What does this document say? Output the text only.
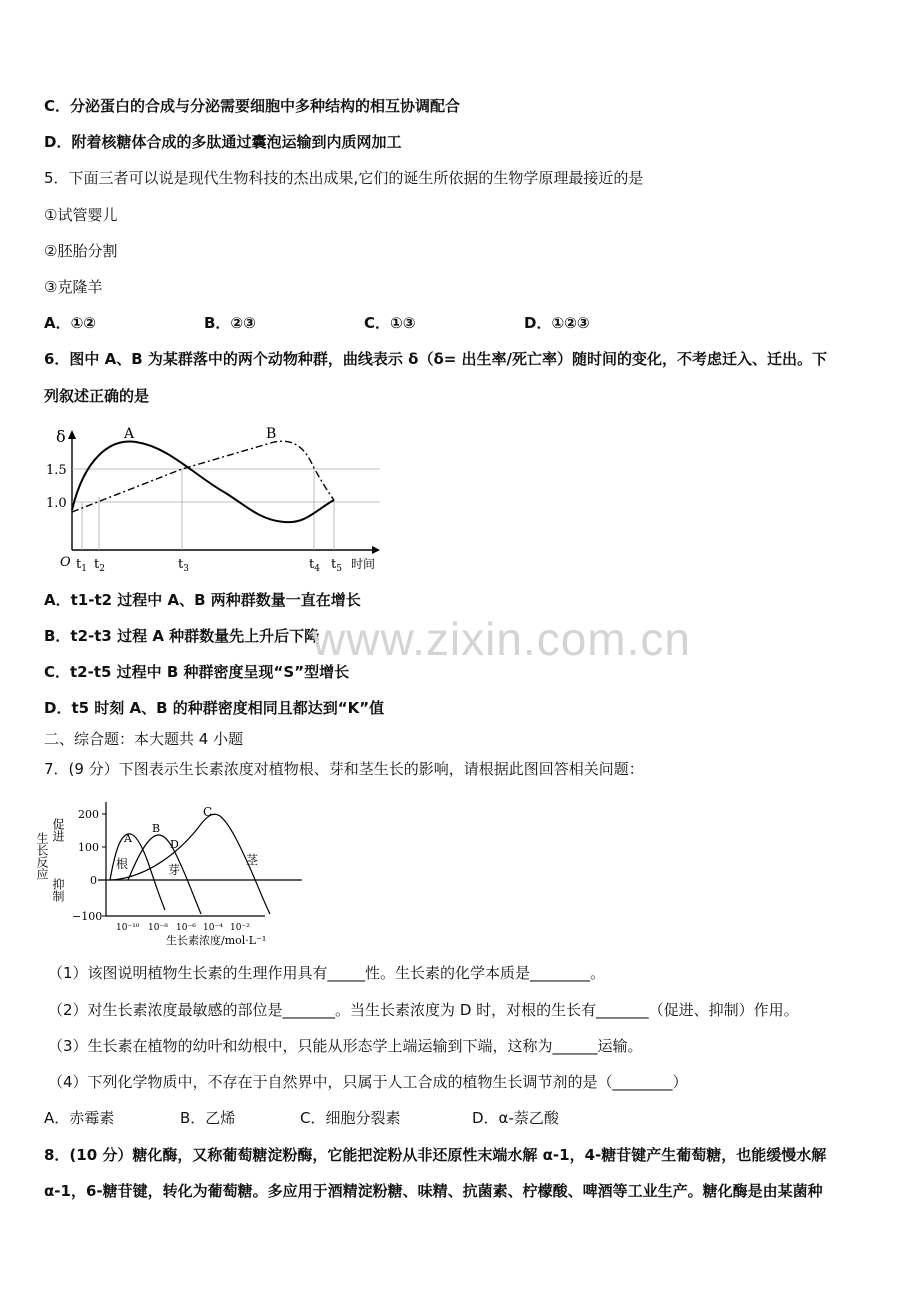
C．分泌蛋白的合成与分泌需要细胞中多种结构的相互协调配合
D．附着核糖体合成的多肽通过囊泡运输到内质网加工
5．下面三者可以说是现代生物科技的杰出成果,它们的诞生所依据的生物学原理最接近的是
①试管婴儿
②胚胎分割
③克隆羊
A．①②	B．②③	C．①③	D．①②③
6．图中 A、B 为某群落中的两个动物种群，曲线表示 δ（δ= 出生率/死亡率）随时间的变化，不考虑迁入、迁出。下
列叙述正确的是
δ
1.5
1.0
O
A	B
$t_1$ $t_2$	$t_3$	$t_4$ $t_5$ 时间
A．t1-t2 过程中 A、B 两种群数量一直在增长
B．t2-t3 过程 A 种群数量先上升后下降
C．t2-t5 过程中 B 种群密度呈现“S”型增长
D．t5 时刻 A、B 的种群密度相同且都达到“K”值
www.zixin.com.cn
二、综合题：本大题共 4 小题
7．(9 分）下图表示生长素浓度对植物根、芽和茎生长的影响，请根据此图回答相关问题：
促进
生长反应
抑制
200
100
0
−100
A
B
D
C
根	芽
茎
10⁻¹⁰ 10⁻⁸ 10⁻⁶ 10⁻⁴ 10⁻²
生长素浓度/mol·L⁻¹
（1）该图说明植物生长素的生理作用具有_____性。生长素的化学本质是________。
（2）对生长素浓度最敏感的部位是_______。当生长素浓度为 D 时，对根的生长有_______（促进、抑制）作用。
（3）生长素在植物的幼叶和幼根中，只能从形态学上端运输到下端，这称为______运输。
（4）下列化学物质中，不存在于自然界中，只属于人工合成的植物生长调节剂的是（________）
A．赤霉素	B．乙烯	C．细胞分裂素	D．α-萘乙酸
8．(10 分）糖化酶，又称葡萄糖淀粉酶，它能把淀粉从非还原性末端水解 α-1，4-糖苷键产生葡萄糖，也能缓慢水解
α-1，6-糖苷键，转化为葡萄糖。多应用于酒精淀粉糖、味精、抗菌素、柠檬酸、啤酒等工业生产。糖化酶是由某菌种
